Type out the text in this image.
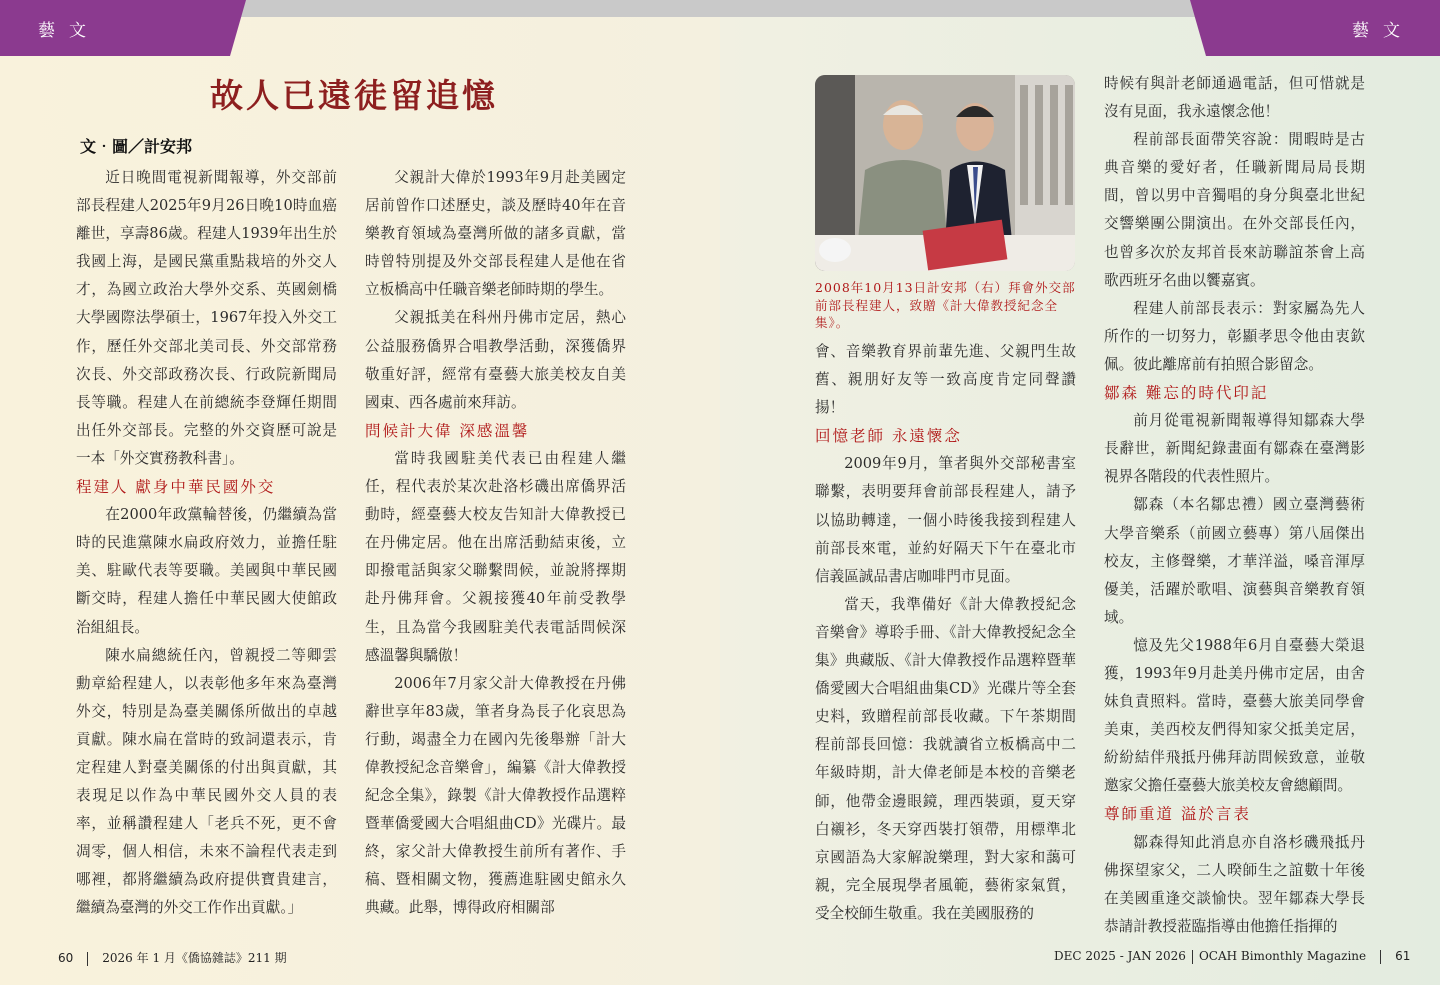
藝文	藝文
故人已遠徒留追憶
文‧圖／計安邦

近日晚間電視新聞報導，外交部前部長程建人2025年9月26日晚10時血癌離世，享壽86歲。程建人1939年出生於我國上海，是國民黨重點栽培的外交人才，為國立政治大學外交系、英國劍橋大學國際法學碩士，1967年投入外交工作，歷任外交部北美司長、外交部常務次長、外交部政務次長、行政院新聞局長等職。程建人在前總統李登輝任期間出任外交部長。完整的外交資歷可說是一本「外交實務教科書」。

程建人 獻身中華民國外交

在2000年政黨輪替後，仍繼續為當時的民進黨陳水扁政府效力，並擔任駐美、駐歐代表等要職。美國與中華民國斷交時，程建人擔任中華民國大使館政治組組長。

陳水扁總統任內，曾親授二等卿雲勳章給程建人，以表彰他多年來為臺灣外交，特別是為臺美關係所做出的卓越貢獻。陳水扁在當時的致詞還表示，肯定程建人對臺美關係的付出與貢獻，其表現足以作為中華民國外交人員的表率，並稱讚程建人「老兵不死，更不會凋零，個人相信，未來不論程代表走到哪裡，都將繼續為政府提供寶貴建言，繼續為臺灣的外交工作作出貢獻。」

父親計大偉於1993年9月赴美國定居前曾作口述歷史，談及歷時40年在音樂教育領域為臺灣所做的諸多貢獻，當時曾特別提及外交部長程建人是他在省立板橋高中任職音樂老師時期的學生。

父親抵美在科州丹佛市定居，熱心公益服務僑界合唱教學活動，深獲僑界敬重好評，經常有臺藝大旅美校友自美國東、西各處前來拜訪。

問候計大偉 深感溫馨

當時我國駐美代表已由程建人繼任，程代表於某次赴洛杉磯出席僑界活動時，經臺藝大校友告知計大偉教授已在丹佛定居。他在出席活動結束後，立即撥電話與家父聯繫問候，並說將擇期赴丹佛拜會。父親接獲40年前受教學生，且為當今我國駐美代表電話問候深感溫馨與驕傲！

2006年7月家父計大偉教授在丹佛辭世享年83歲，筆者身為長子化哀思為行動，竭盡全力在國內先後舉辦「計大偉教授紀念音樂會」，編纂《計大偉教授紀念全集》，錄製《計大偉教授作品選粹暨華僑愛國大合唱組曲CD》光碟片。最終，家父計大偉教授生前所有著作、手稿、暨相關文物，獲薦進駐國史館永久典藏。此舉，博得政府相關部

2008年10月13日計安邦（右）拜會外交部前部長程建人，致贈《計大偉教授紀念全集》。

會、音樂教育界前輩先進、父親門生故舊、親朋好友等一致高度肯定同聲讚揚！

回憶老師 永遠懷念

2009年9月，筆者與外交部秘書室聯繫，表明要拜會前部長程建人，請予以協助轉達，一個小時後我接到程建人前部長來電，並約好隔天下午在臺北市信義區誠品書店咖啡門市見面。

當天，我準備好《計大偉教授紀念音樂會》導聆手冊、《計大偉教授紀念全集》典藏版、《計大偉教授作品選粹暨華僑愛國大合唱組曲集CD》光碟片等全套史料，致贈程前部長收藏。下午茶期間程前部長回憶：我就讀省立板橋高中二年級時期，計大偉老師是本校的音樂老師，他帶金邊眼鏡，理西裝頭，夏天穿白襯衫，冬天穿西裝打領帶，用標準北京國語為大家解說樂理，對大家和藹可親，完全展現學者風範，藝術家氣質，受全校師生敬重。我在美國服務的

時候有與計老師通過電話，但可惜就是沒有見面，我永遠懷念他！

程前部長面帶笑容說：閒暇時是古典音樂的愛好者，任職新聞局局長期間，曾以男中音獨唱的身分與臺北世紀交響樂團公開演出。在外交部長任內，也曾多次於友邦首長來訪聯誼茶會上高歌西班牙名曲以饗嘉賓。

程建人前部長表示：對家屬為先人所作的一切努力，彰顯孝思令他由衷欽佩。彼此離席前有拍照合影留念。

鄒森 難忘的時代印記

前月從電視新聞報導得知鄒森大學長辭世，新聞紀錄畫面有鄒森在臺灣影視界各階段的代表性照片。

鄒森（本名鄒忠禮）國立臺灣藝術大學音樂系（前國立藝專）第八屆傑出校友，主修聲樂，才華洋溢，嗓音渾厚優美，活躍於歌唱、演藝與音樂教育領域。

憶及先父1988年6月自臺藝大榮退獲，1993年9月赴美丹佛市定居，由舍妹負責照料。當時，臺藝大旅美同學會美東，美西校友們得知家父抵美定居，紛紛結伴飛抵丹佛拜訪問候致意，並敬邀家父擔任臺藝大旅美校友會總顧問。

尊師重道 溢於言表

鄒森得知此消息亦自洛杉磯飛抵丹佛探望家父，二人暌師生之誼數十年後在美國重逢交談愉快。翌年鄒森大學長恭請計教授蒞臨指導由他擔任指揮的

60 2026 年 1 月《僑協雜誌》211 期	DEC 2025 - JAN 2026 OCAH Bimonthly Magazine 61
